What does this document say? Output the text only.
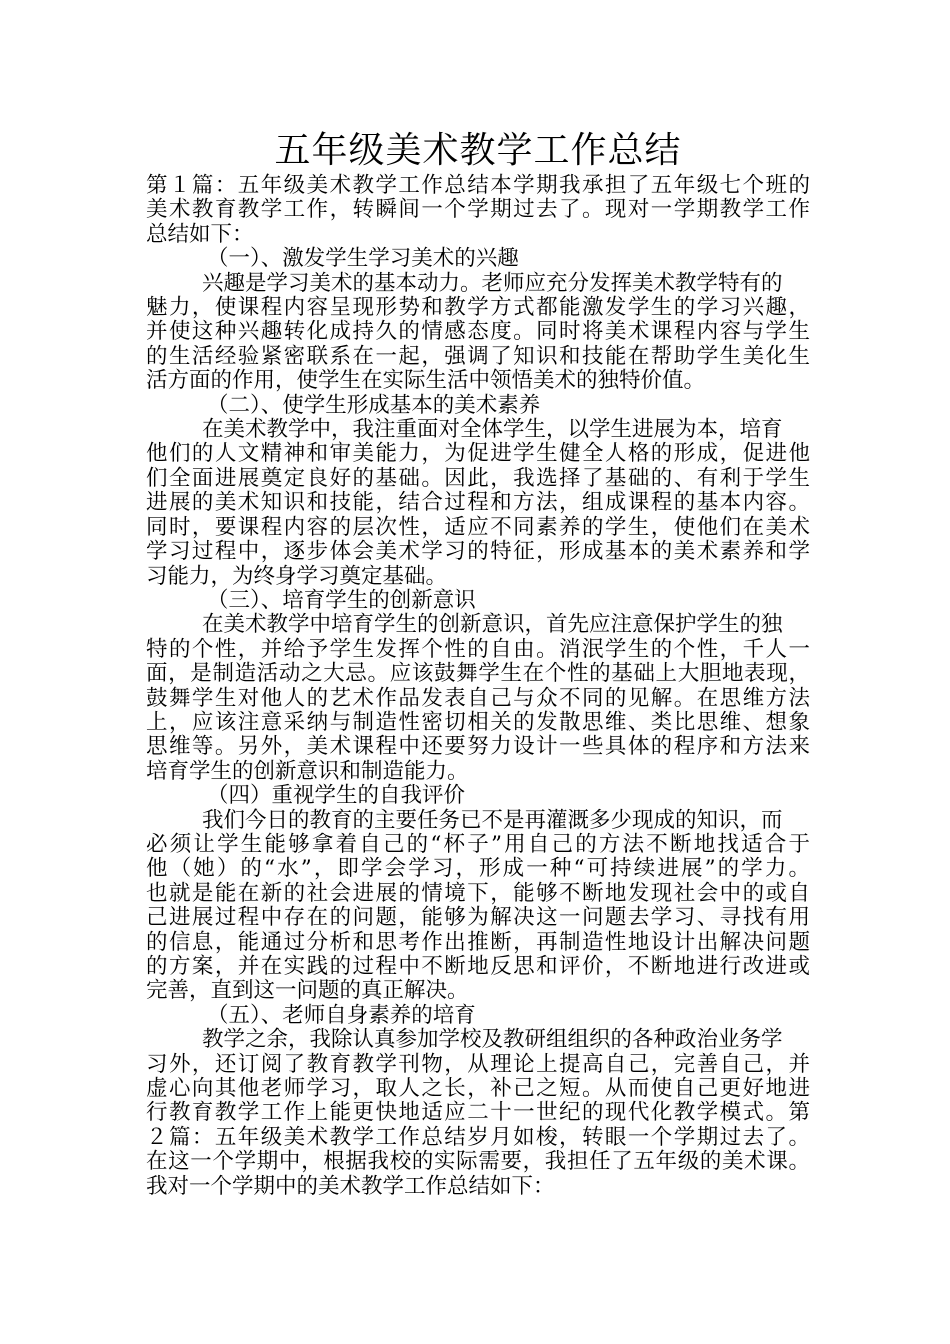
五年级美术教学工作总结

第１篇：五年级美术教学工作总结本学期我承担了五年级七个班的

美术教育教学工作，转瞬间一个学期过去了。现对一学期教学工作

总结如下：

（一）、激发学生学习美术的兴趣

兴趣是学习美术的基本动力。老师应充分发挥美术教学特有的

魅力，使课程内容呈现形势和教学方式都能激发学生的学习兴趣，

并使这种兴趣转化成持久的情感态度。同时将美术课程内容与学生

的生活经验紧密联系在一起，强调了知识和技能在帮助学生美化生

活方面的作用，使学生在实际生活中领悟美术的独特价值。

（二）、使学生形成基本的美术素养

在美术教学中，我注重面对全体学生，以学生进展为本，培育

他们的人文精神和审美能力，为促进学生健全人格的形成，促进他

们全面进展奠定良好的基础。因此，我选择了基础的、有利于学生

进展的美术知识和技能，结合过程和方法，组成课程的基本内容。

同时，要课程内容的层次性，适应不同素养的学生，使他们在美术

学习过程中，逐步体会美术学习的特征，形成基本的美术素养和学

习能力，为终身学习奠定基础。

（三）、培育学生的创新意识

在美术教学中培育学生的创新意识，首先应注意保护学生的独

特的个性，并给予学生发挥个性的自由。消泯学生的个性，千人一

面，是制造活动之大忌。应该鼓舞学生在个性的基础上大胆地表现，

鼓舞学生对他人的艺术作品发表自己与众不同的见解。在思维方法

上，应该注意采纳与制造性密切相关的发散思维、类比思维、想象

思维等。另外，美术课程中还要努力设计一些具体的程序和方法来

培育学生的创新意识和制造能力。

（四）重视学生的自我评价

我们今日的教育的主要任务已不是再灌溉多少现成的知识，而

必须让学生能够拿着自己的“杯子”用自己的方法不断地找适合于

他（她）的“水”，即学会学习，形成一种“可持续进展”的学力。

也就是能在新的社会进展的情境下，能够不断地发现社会中的或自

己进展过程中存在的问题，能够为解决这一问题去学习、寻找有用

的信息，能通过分析和思考作出推断，再制造性地设计出解决问题

的方案，并在实践的过程中不断地反思和评价，不断地进行改进或

完善，直到这一问题的真正解决。

（五）、老师自身素养的培育

教学之余，我除认真参加学校及教研组组织的各种政治业务学

习外，还订阅了教育教学刊物，从理论上提高自己，完善自己，并

虚心向其他老师学习，取人之长，补己之短。从而使自己更好地进

行教育教学工作上能更快地适应二十一世纪的现代化教学模式。第

２篇：五年级美术教学工作总结岁月如梭，转眼一个学期过去了。

在这一个学期中，根据我校的实际需要，我担任了五年级的美术课。

我对一个学期中的美术教学工作总结如下：
